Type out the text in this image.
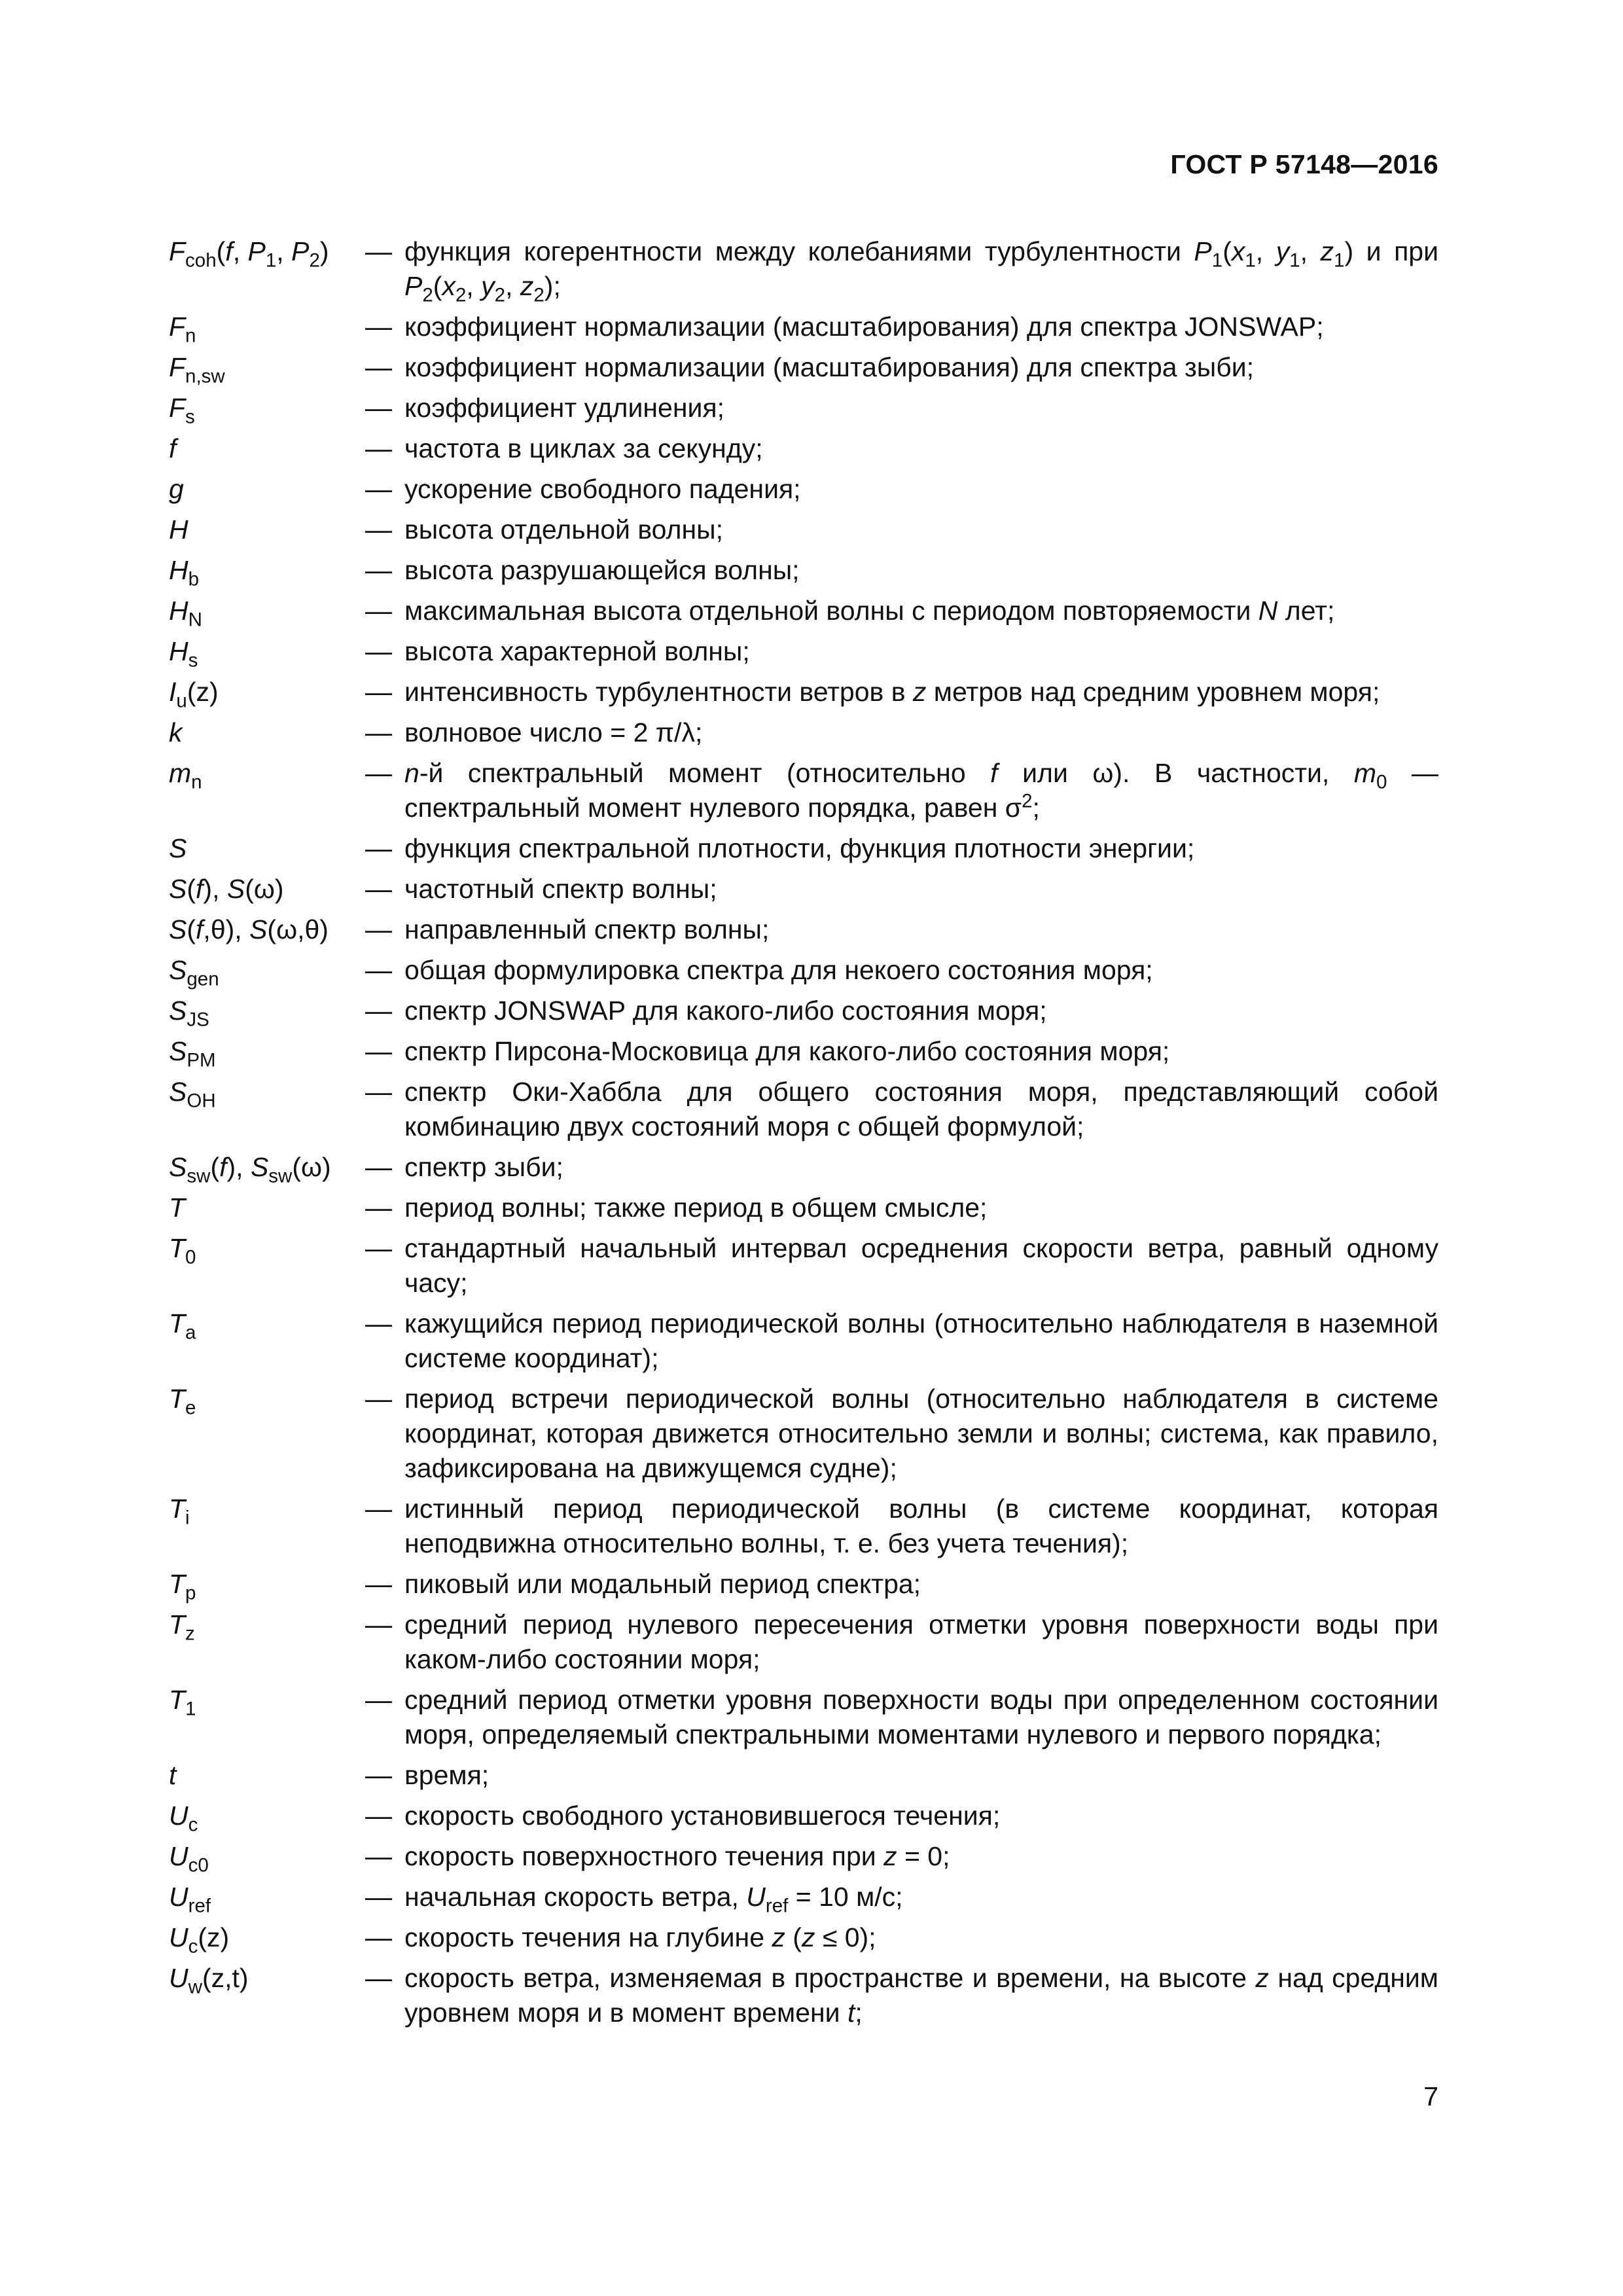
ГОСТ Р 57148—2016
$F_{coh}(f$, $P_1$, $P_2$)	— функция когерентности между колебаниями турбулентности $P_1(x_1$, $y_1$, $z_1$) и при $P_2(x_2$, $y_2$, $z_2$);
$F_n$	— коэффициент нормализации (масштабирования) для спектра JONSWAP;
$F_{n,sw}$	— коэффициент нормализации (масштабирования) для спектра зыби;
$F_s$	— коэффициент удлинения;
f	— частота в циклах за секунду;
g	— ускорение свободного падения;
H	— высота отдельной волны;
$H_b$	— высота разрушающейся волны;
$H_N$	— максимальная высота отдельной волны с периодом повторяемости N лет;
$H_s$	— высота характерной волны;
$I_u(z)$	— интенсивность турбулентности ветров в z метров над средним уровнем моря;
k	— волновое число = 2 π/λ;
$m_n$	— n-й спектральный момент (относительно f или ω). В частности, $m_0$ — спектральный момент нулевого порядка, равен $\sigma^2$;
S	— функция спектральной плотности, функция плотности энергии;
S(f), S(ω)	— частотный спектр волны;
S(f,θ), S(ω,θ)	— направленный спектр волны;
$S_{gen}$	— общая формулировка спектра для некоего состояния моря;
$S_{JS}$	— спектр JONSWAP для какого-либо состояния моря;
$S_{PM}$	— спектр Пирсона-Московица для какого-либо состояния моря;
$S_{OH}$	— спектр Оки-Хаббла для общего состояния моря, представляющий собой комбинацию двух состояний моря с общей формулой;
$S_{sw}(f)$, $S_{sw}(\omega)$	— спектр зыби;
T	— период волны; также период в общем смысле;
$T_0$	— стандартный начальный интервал осреднения скорости ветра, равный одному часу;
$T_a$	— кажущийся период периодической волны (относительно наблюдателя в наземной системе координат);
$T_e$	— период встречи периодической волны (относительно наблюдателя в системе координат, которая движется относительно земли и волны; система, как правило, зафиксирована на движущемся судне);
$T_i$	— истинный период периодической волны (в системе координат, которая неподвижна относительно волны, т. е. без учета течения);
$T_p$	— пиковый или модальный период спектра;
$T_z$	— средний период нулевого пересечения отметки уровня поверхности воды при каком-либо состоянии моря;
$T_1$	— средний период отметки уровня поверхности воды при определенном состоянии моря, определяемый спектральными моментами нулевого и первого порядка;
t	— время;
$U_c$	— скорость свободного установившегося течения;
$U_{c0}$	— скорость поверхностного течения при z = 0;
$U_{ref}$	— начальная скорость ветра, $U_{ref} = 10$ м/с;
$U_c(z)$	— скорость течения на глубине z (z ≤ 0);
$U_w(z,t)$	— скорость ветра, изменяемая в пространстве и времени, на высоте z над средним уровнем моря и в момент времени t;
7
